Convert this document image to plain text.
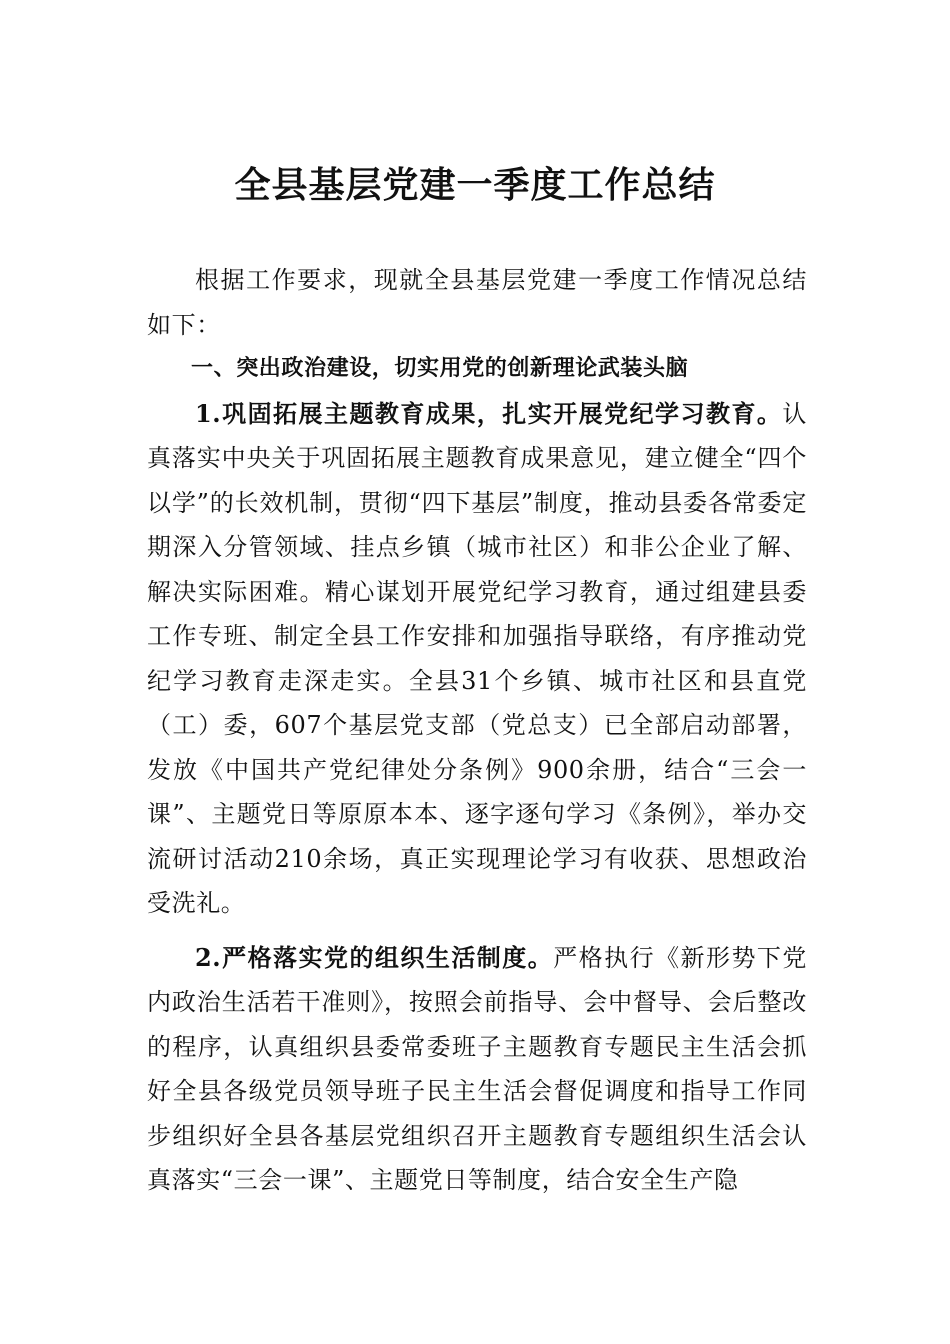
全县基层党建一季度工作总结

根据工作要求，现就全县基层党建一季度工作情况总结如下：

一、突出政治建设，切实用党的创新理论武装头脑

1.巩固拓展主题教育成果，扎实开展党纪学习教育。认真落实中央关于巩固拓展主题教育成果意见，建立健全“四个以学”的长效机制，贯彻“四下基层”制度，推动县委各常委定期深入分管领域、挂点乡镇（城市社区）和非公企业了解、解决实际困难。精心谋划开展党纪学习教育，通过组建县委工作专班、制定全县工作安排和加强指导联络，有序推动党纪学习教育走深走实。全县31个乡镇、城市社区和县直党（工）委，607个基层党支部（党总支）已全部启动部署，发放《中国共产党纪律处分条例》900余册，结合“三会一课”、主题党日等原原本本、逐字逐句学习《条例》，举办交流研讨活动210余场，真正实现理论学习有收获、思想政治受洗礼。

2.严格落实党的组织生活制度。严格执行《新形势下党内政治生活若干准则》，按照会前指导、会中督导、会后整改的程序，认真组织县委常委班子主题教育专题民主生活会抓好全县各级党员领导班子民主生活会督促调度和指导工作同步组织好全县各基层党组织召开主题教育专题组织生活会认真落实“三会一课”、主题党日等制度，结合安全生产隐
